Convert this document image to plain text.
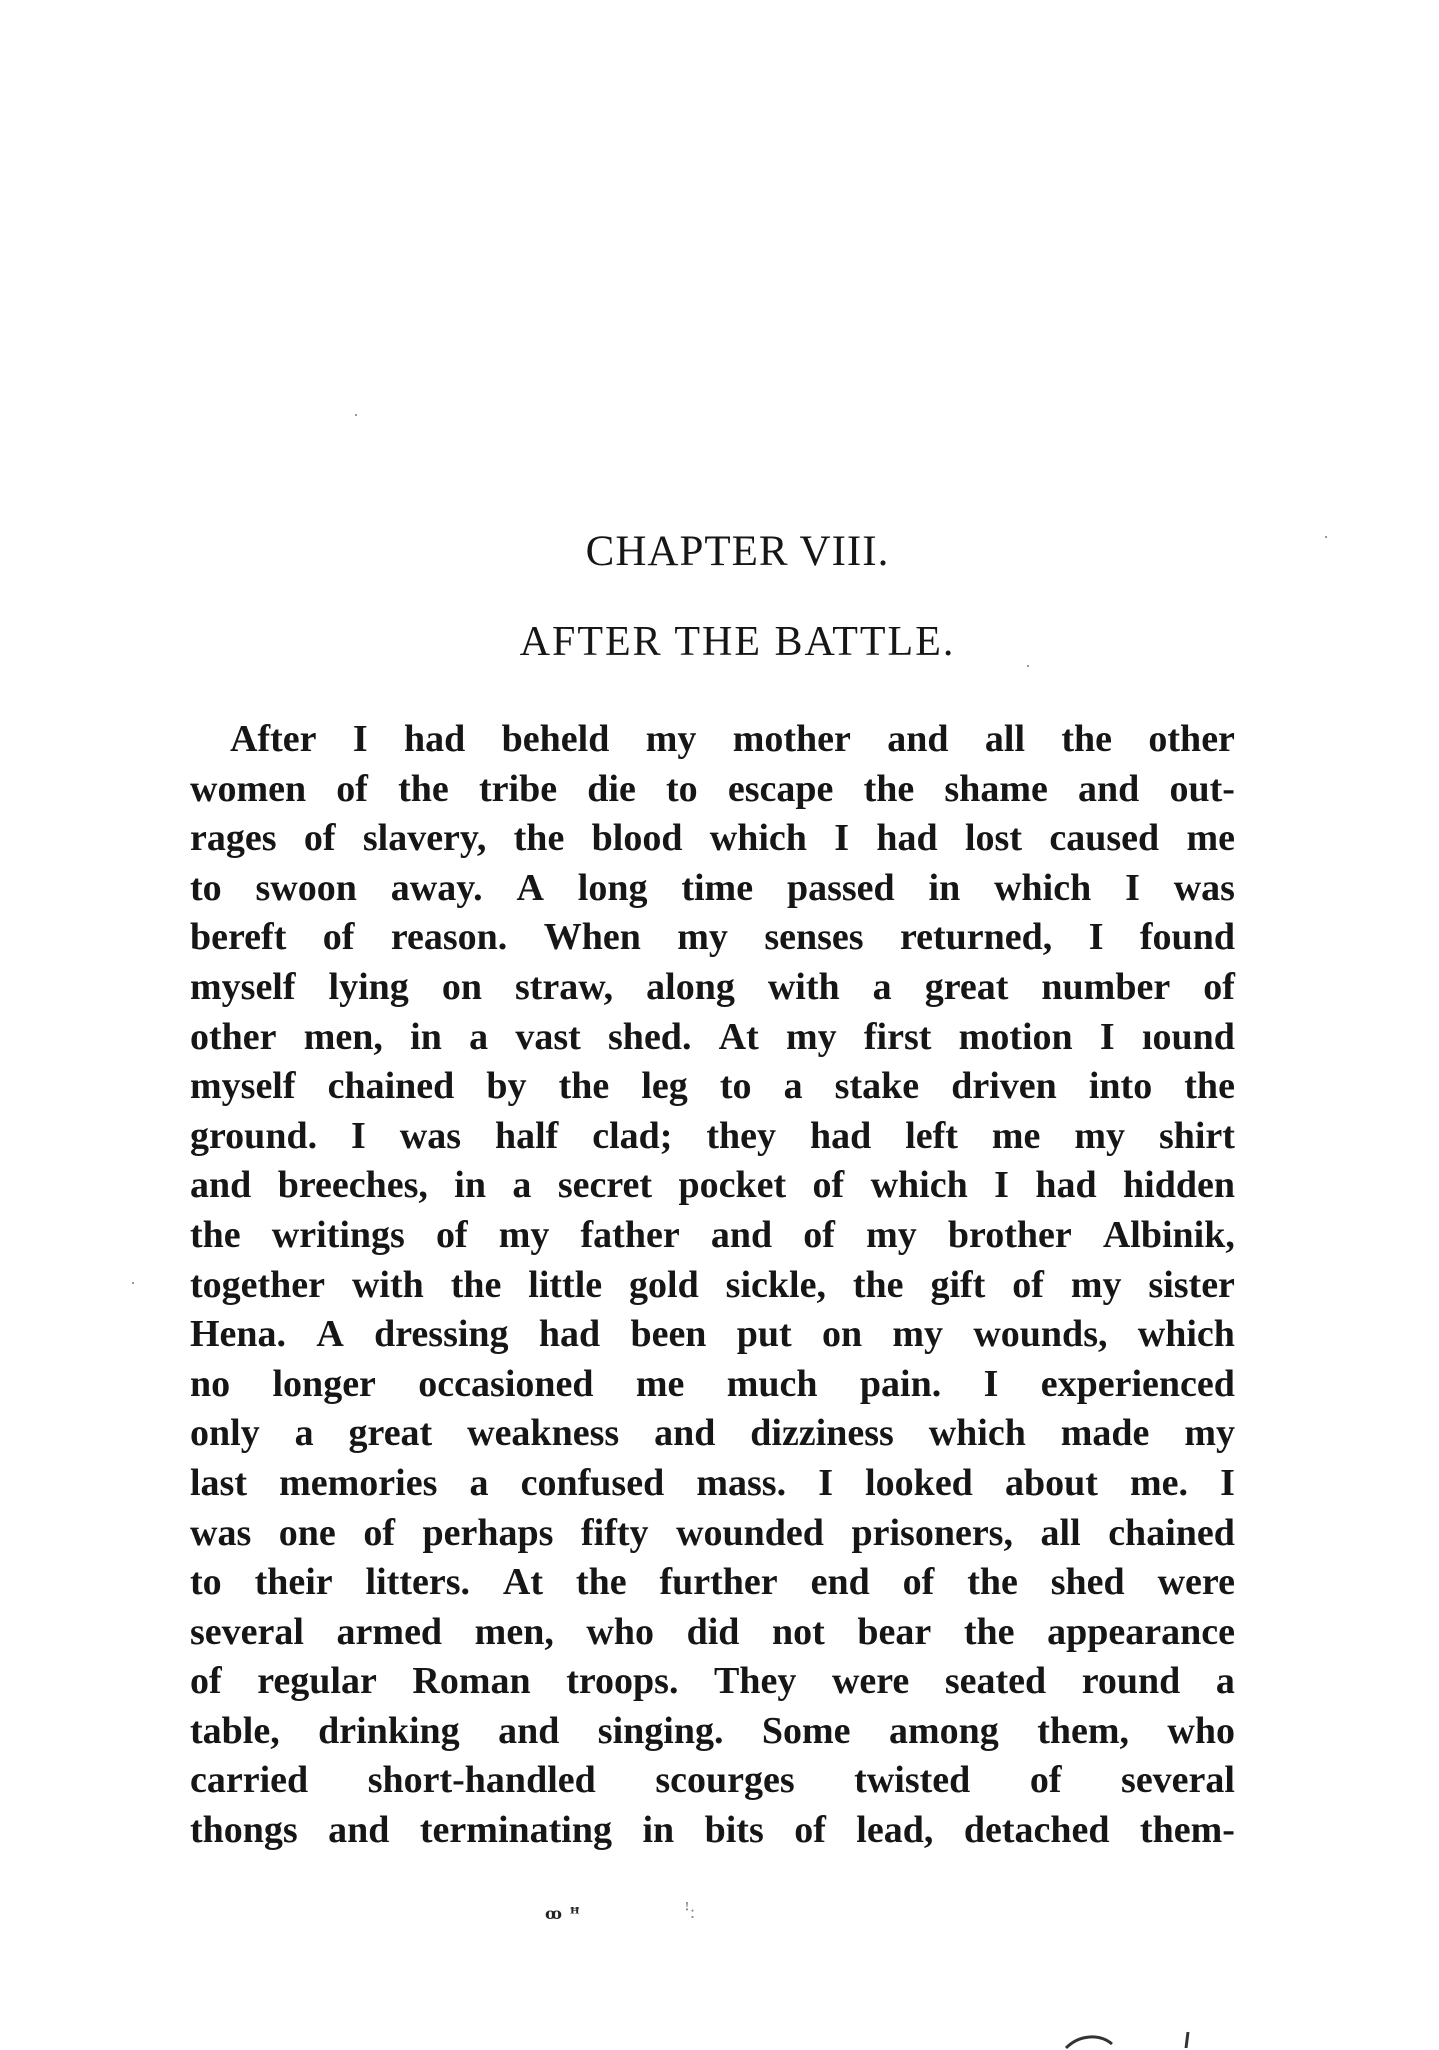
CHAPTER VIII.
AFTER THE BATTLE.
After I had beheld my mother and all the other
women of the tribe die to escape the shame and out-
rages of slavery, the blood which I had lost caused me
to swoon away. A long time passed in which I was
bereft of reason. When my senses returned, I found
myself lying on straw, along with a great number of
other men, in a vast shed. At my first motion I ıound
myself chained by the leg to a stake driven into the
ground. I was half clad; they had left me my shirt
and breeches, in a secret pocket of which I had hidden
the writings of my father and of my brother Albinik,
together with the little gold sickle, the gift of my sister
Hena. A dressing had been put on my wounds, which
no longer occasioned me much pain. I experienced
only a great weakness and dizziness which made my
last memories a confused mass. I looked about me. I
was one of perhaps fifty wounded prisoners, all chained
to their litters. At the further end of the shed were
several armed men, who did not bear the appearance
of regular Roman troops. They were seated round a
table, drinking and singing. Some among them, who
carried short-handled scourges twisted of several
thongs and terminating in bits of lead, detached them-
ꝏ ꟸ	ꜝ:
